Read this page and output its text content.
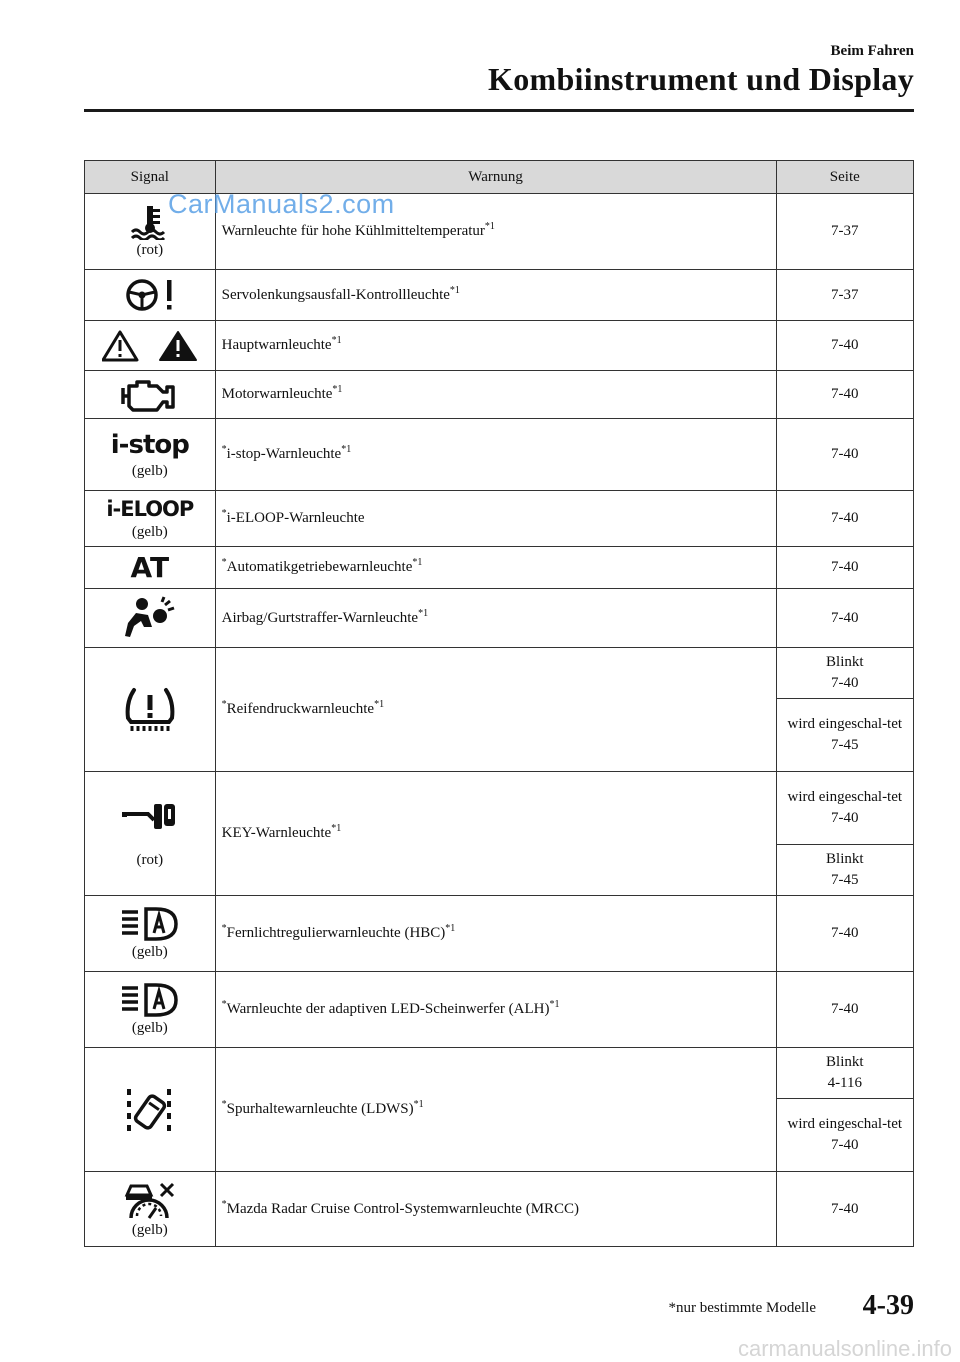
Beim Fahren
Kombiinstrument und Display
Signal	Warnung	Seite

(rot)	Warnleuchte für hohe Kühlmitteltemperatur$^{*1}$	7-37

	Servolenkungsausfall-Kontrollleuchte$^{*1}$	7-37

	Hauptwarnleuchte$^{*1}$	7-40

	Motorwarnleuchte$^{*1}$	7-40

i-stop
(gelb)	*i-stop-Warnleuchte$^{*1}$	7-40

i-ELOOP
(gelb)	*i-ELOOP-Warnleuchte	7-40

AT	*Automatikgetriebewarnleuchte$^{*1}$	7-40

	Airbag/Gurtstraffer-Warnleuchte$^{*1}$	7-40

	*Reifendruckwarnleuchte$^{*1}$	Blinkt
7-40

		wird eingeschal-tet
7-45

(rot)	KEY-Warnleuchte$^{*1}$	wird eingeschal-tet
7-40

		Blinkt
7-45

(gelb)	*Fernlichtregulierwarnleuchte (HBC)$^{*1}$	7-40

(gelb)	*Warnleuchte der adaptiven LED-Scheinwerfer (ALH)$^{*1}$	7-40

	*Spurhaltewarnleuchte (LDWS)$^{*1}$	Blinkt
4-116

		wird eingeschal-tet
7-40

(gelb)	*Mazda Radar Cruise Control-Systemwarnleuchte (MRCC)	7-40
CarManuals2.com
*nur bestimmte Modelle 4-39
carmanualsonline.info
